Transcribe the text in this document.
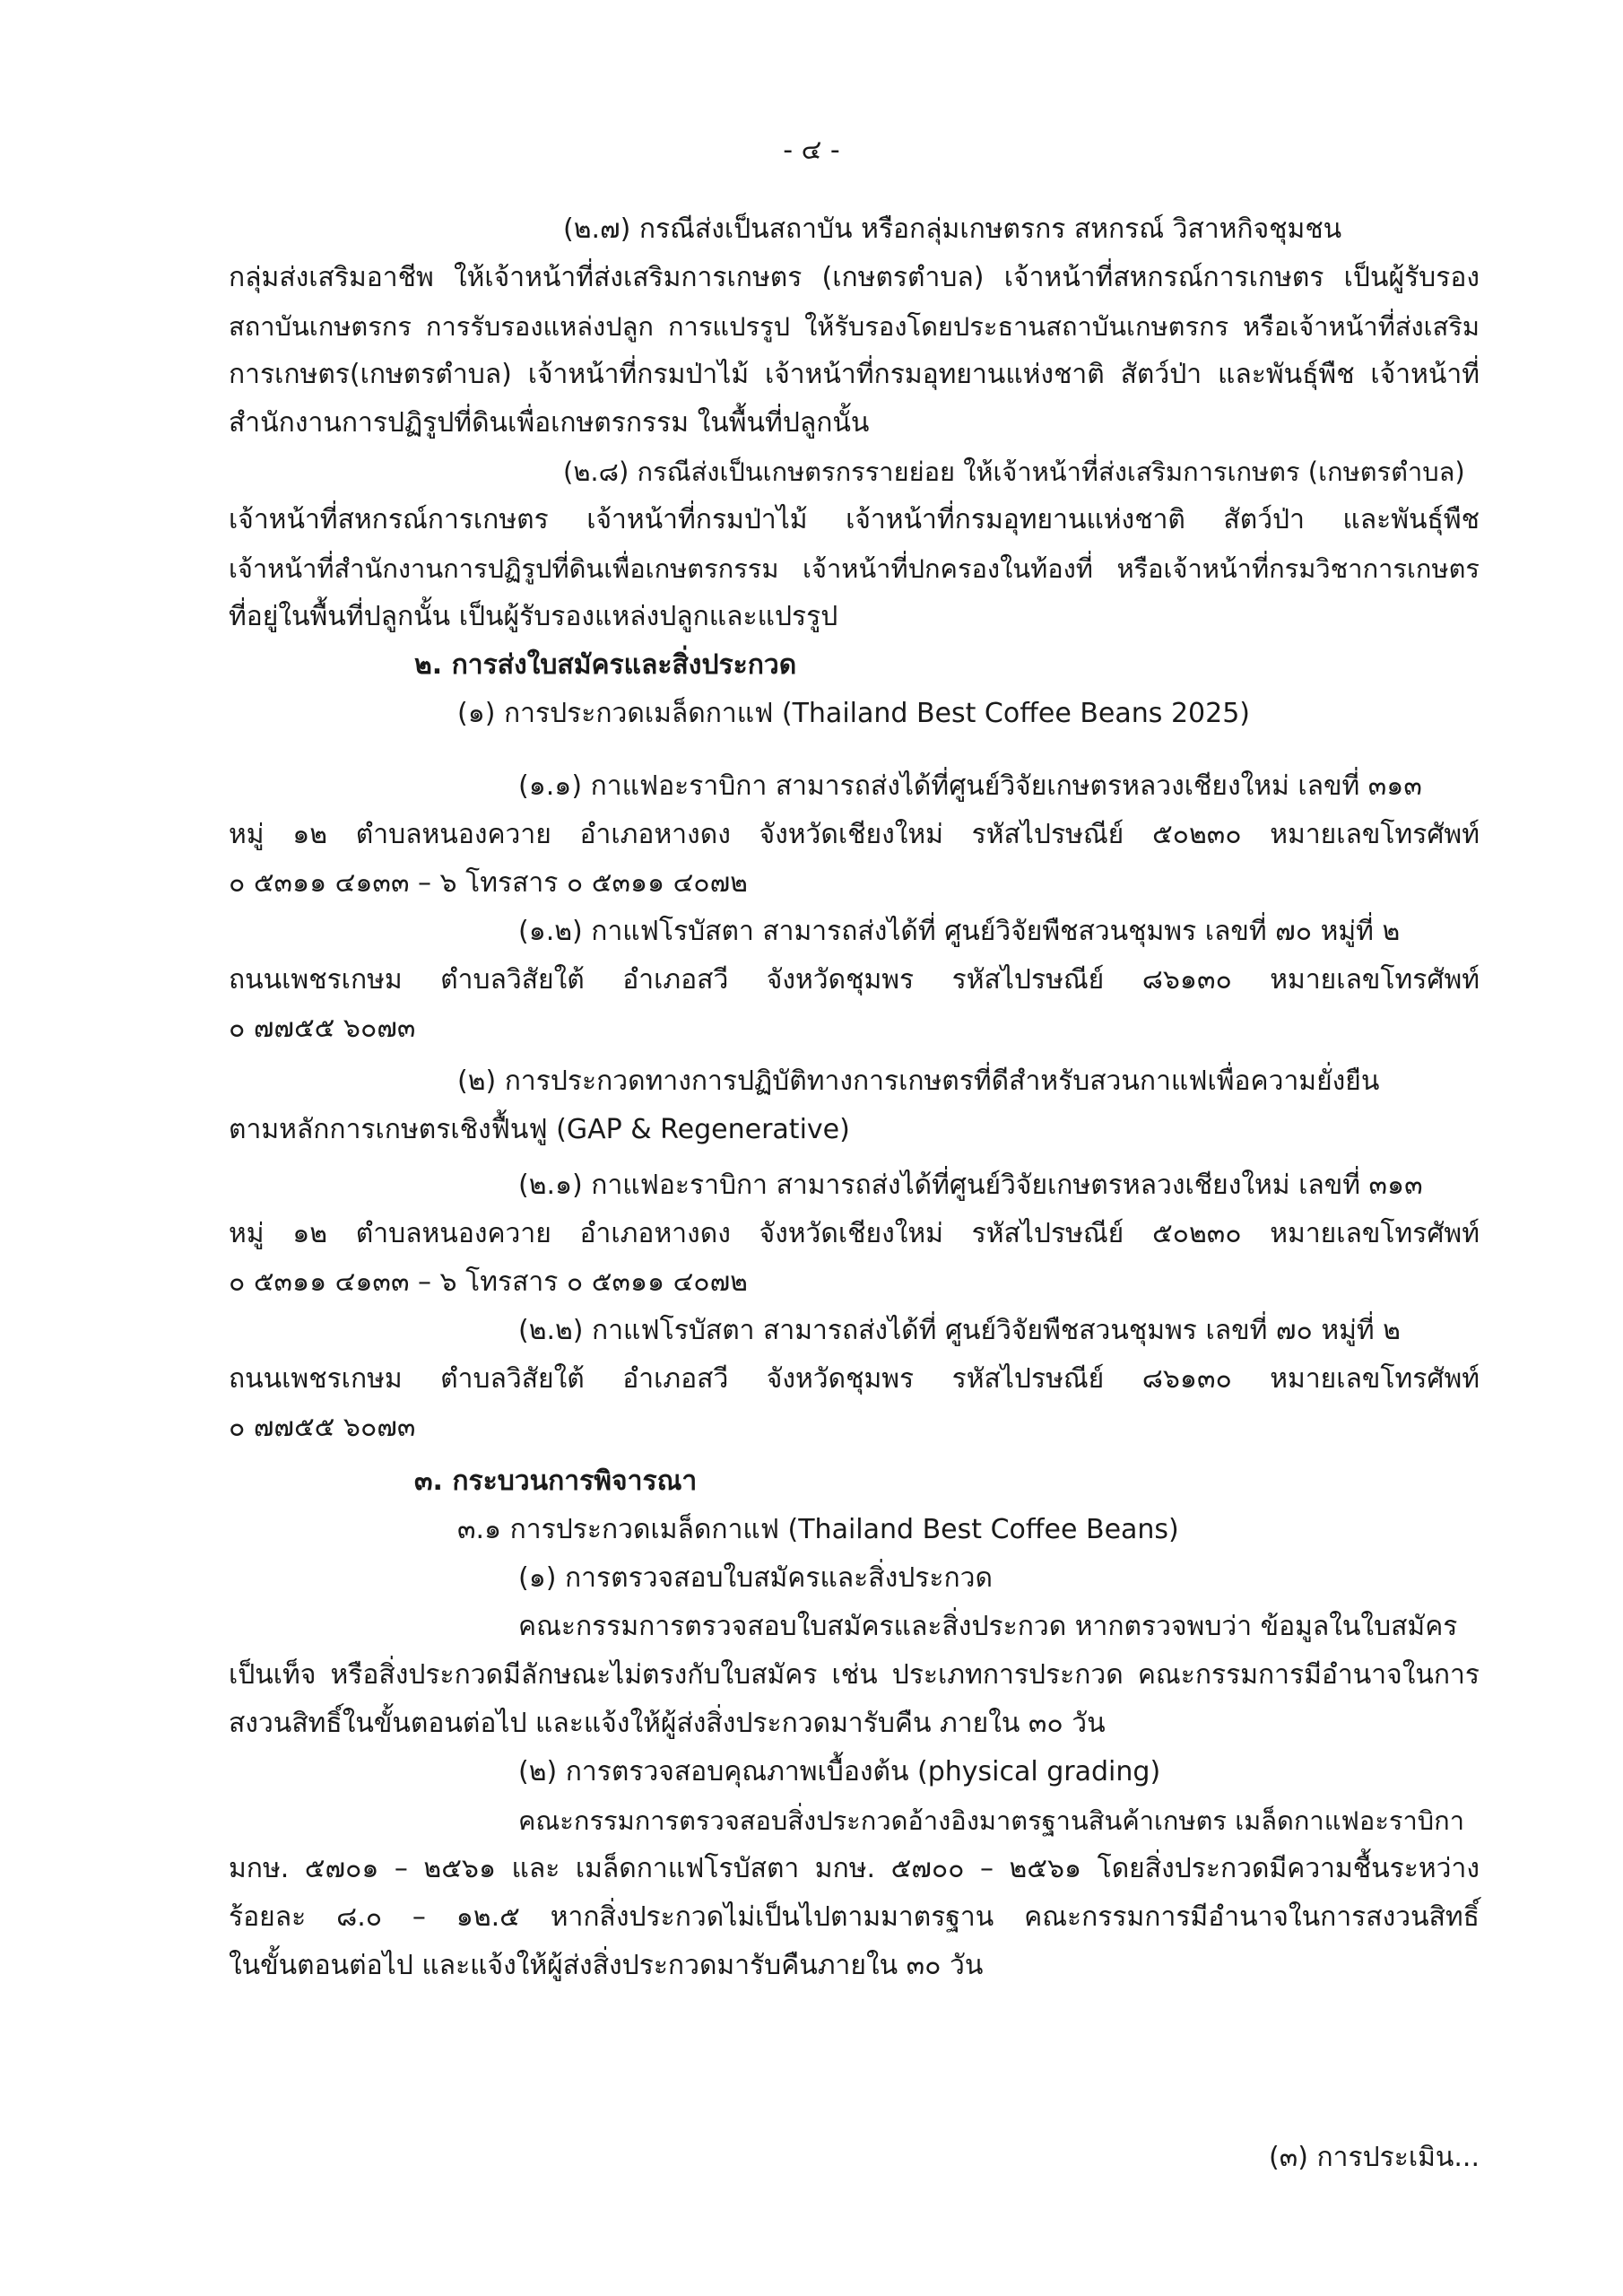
- ๔ -

(๒.๗) กรณีส่งเป็นสถาบัน หรือกลุ่มเกษตรกร สหกรณ์ วิสาหกิจชุมชน

กลุ่มส่งเสริมอาชีพ ให้เจ้าหน้าที่ส่งเสริมการเกษตร (เกษตรตำบล) เจ้าหน้าที่สหกรณ์การเกษตร เป็นผู้รับรอง

สถาบันเกษตรกร การรับรองแหล่งปลูก การแปรรูป ให้รับรองโดยประธานสถาบันเกษตรกร หรือเจ้าหน้าที่ส่งเสริม

การเกษตร(เกษตรตำบล) เจ้าหน้าที่กรมป่าไม้ เจ้าหน้าที่กรมอุทยานแห่งชาติ สัตว์ป่า และพันธุ์พืช เจ้าหน้าที่

สำนักงานการปฏิรูปที่ดินเพื่อเกษตรกรรม ในพื้นที่ปลูกนั้น

(๒.๘) กรณีส่งเป็นเกษตรกรรายย่อย ให้เจ้าหน้าที่ส่งเสริมการเกษตร (เกษตรตำบล)

เจ้าหน้าที่สหกรณ์การเกษตร เจ้าหน้าที่กรมป่าไม้ เจ้าหน้าที่กรมอุทยานแห่งชาติ สัตว์ป่า และพันธุ์พืช

เจ้าหน้าที่สำนักงานการปฏิรูปที่ดินเพื่อเกษตรกรรม เจ้าหน้าที่ปกครองในท้องที่ หรือเจ้าหน้าที่กรมวิชาการเกษตร

ที่อยู่ในพื้นที่ปลูกนั้น เป็นผู้รับรองแหล่งปลูกและแปรรูป

๒. การส่งใบสมัครและสิ่งประกวด

(๑) การประกวดเมล็ดกาแฟ (Thailand Best Coffee Beans 2025)

(๑.๑) กาแฟอะราบิกา สามารถส่งได้ที่ศูนย์วิจัยเกษตรหลวงเชียงใหม่ เลขที่ ๓๑๓

หมู่ ๑๒ ตำบลหนองควาย อำเภอหางดง จังหวัดเชียงใหม่ รหัสไปรษณีย์ ๕๐๒๓๐ หมายเลขโทรศัพท์

๐ ๕๓๑๑ ๔๑๓๓ – ๖ โทรสาร ๐ ๕๓๑๑ ๔๐๗๒

(๑.๒) กาแฟโรบัสตา สามารถส่งได้ที่ ศูนย์วิจัยพืชสวนชุมพร เลขที่ ๗๐ หมู่ที่ ๒

ถนนเพชรเกษม ตำบลวิสัยใต้ อำเภอสวี จังหวัดชุมพร รหัสไปรษณีย์ ๘๖๑๓๐ หมายเลขโทรศัพท์

๐ ๗๗๕๕ ๖๐๗๓

(๒) การประกวดทางการปฏิบัติทางการเกษตรที่ดีสำหรับสวนกาแฟเพื่อความยั่งยืน

ตามหลักการเกษตรเชิงฟื้นฟู (GAP & Regenerative)

(๒.๑) กาแฟอะราบิกา สามารถส่งได้ที่ศูนย์วิจัยเกษตรหลวงเชียงใหม่ เลขที่ ๓๑๓

หมู่ ๑๒ ตำบลหนองควาย อำเภอหางดง จังหวัดเชียงใหม่ รหัสไปรษณีย์ ๕๐๒๓๐ หมายเลขโทรศัพท์

๐ ๕๓๑๑ ๔๑๓๓ – ๖ โทรสาร ๐ ๕๓๑๑ ๔๐๗๒

(๒.๒) กาแฟโรบัสตา สามารถส่งได้ที่ ศูนย์วิจัยพืชสวนชุมพร เลขที่ ๗๐ หมู่ที่ ๒

ถนนเพชรเกษม ตำบลวิสัยใต้ อำเภอสวี จังหวัดชุมพร รหัสไปรษณีย์ ๘๖๑๓๐ หมายเลขโทรศัพท์

๐ ๗๗๕๕ ๖๐๗๓

๓. กระบวนการพิจารณา

๓.๑ การประกวดเมล็ดกาแฟ (Thailand Best Coffee Beans)

(๑) การตรวจสอบใบสมัครและสิ่งประกวด

คณะกรรมการตรวจสอบใบสมัครและสิ่งประกวด หากตรวจพบว่า ข้อมูลในใบสมัคร

เป็นเท็จ หรือสิ่งประกวดมีลักษณะไม่ตรงกับใบสมัคร เช่น ประเภทการประกวด คณะกรรมการมีอำนาจในการ

สงวนสิทธิ์ในขั้นตอนต่อไป และแจ้งให้ผู้ส่งสิ่งประกวดมารับคืน ภายใน ๓๐ วัน

(๒) การตรวจสอบคุณภาพเบื้องต้น (physical grading)

คณะกรรมการตรวจสอบสิ่งประกวดอ้างอิงมาตรฐานสินค้าเกษตร เมล็ดกาแฟอะราบิกา

มกษ. ๕๗๐๑ – ๒๕๖๑ และ เมล็ดกาแฟโรบัสตา มกษ. ๕๗๐๐ – ๒๕๖๑ โดยสิ่งประกวดมีความชื้นระหว่าง

ร้อยละ ๘.๐ – ๑๒.๕ หากสิ่งประกวดไม่เป็นไปตามมาตรฐาน คณะกรรมการมีอำนาจในการสงวนสิทธิ์

ในขั้นตอนต่อไป และแจ้งให้ผู้ส่งสิ่งประกวดมารับคืนภายใน ๓๐ วัน

(๓) การประเมิน...
